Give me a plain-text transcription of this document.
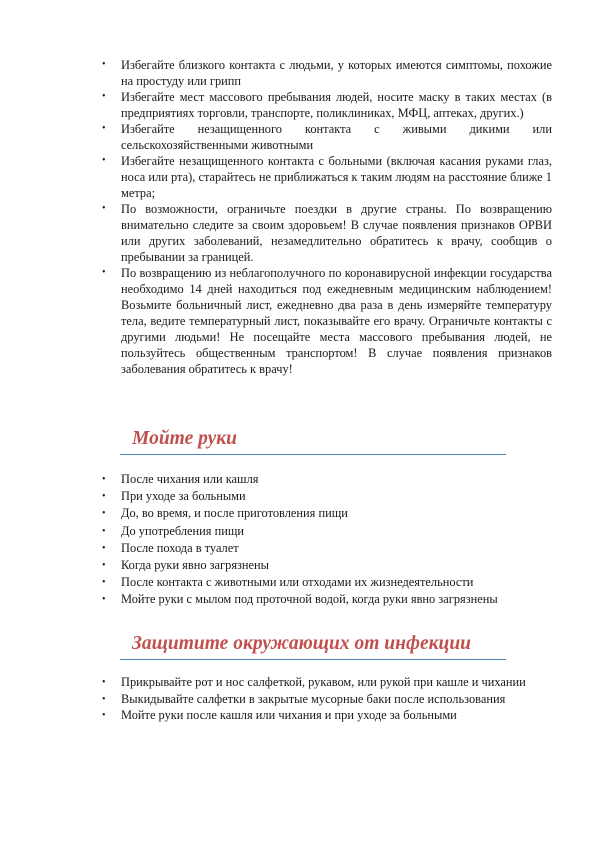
• Избегайте близкого контакта с людьми, у которых имеются симптомы, похожие на простуду или грипп
• Избегайте мест массового пребывания людей, носите маску в таких местах (в предприятиях торговли, транспорте, поликлиниках, МФЦ, аптеках, других.)
• Избегайте незащищенного контакта с живыми дикими или сельскохозяйственными животными
• Избегайте незащищенного контакта с больными (включая касания руками глаз, носа или рта), старайтесь не приближаться к таким людям на расстояние ближе 1 метра;
• По возможности, ограничьте поездки в другие страны. По возвращению внимательно следите за своим здоровьем! В случае появления признаков ОРВИ или других заболеваний, незамедлительно обратитесь к врачу, сообщив о пребывании за границей.
• По возвращению из неблагополучного по коронавирусной инфекции государства необходимо 14 дней находиться под ежедневным медицинским наблюдением! Возьмите больничный лист, ежедневно два раза в день измеряйте температуру тела, ведите температурный лист, показывайте его врачу. Ограничьте контакты с другими людьми! Не посещайте места массового пребывания людей, не пользуйтесь общественным транспортом! В случае появления признаков заболевания обратитесь к врачу!
Мойте руки
• После чихания или кашля
• При уходе за больными
• До, во время, и после приготовления пищи
• До употребления пищи
• После похода в туалет
• Когда руки явно загрязнены
• После контакта с животными или отходами их жизнедеятельности
• Мойте руки с мылом под проточной водой, когда руки явно загрязнены
Защитите окружающих от инфекции
• Прикрывайте рот и нос салфеткой, рукавом, или рукой при кашле и чихании
• Выкидывайте салфетки в закрытые мусорные баки после использования
• Мойте руки после кашля или чихания и при уходе за больными
